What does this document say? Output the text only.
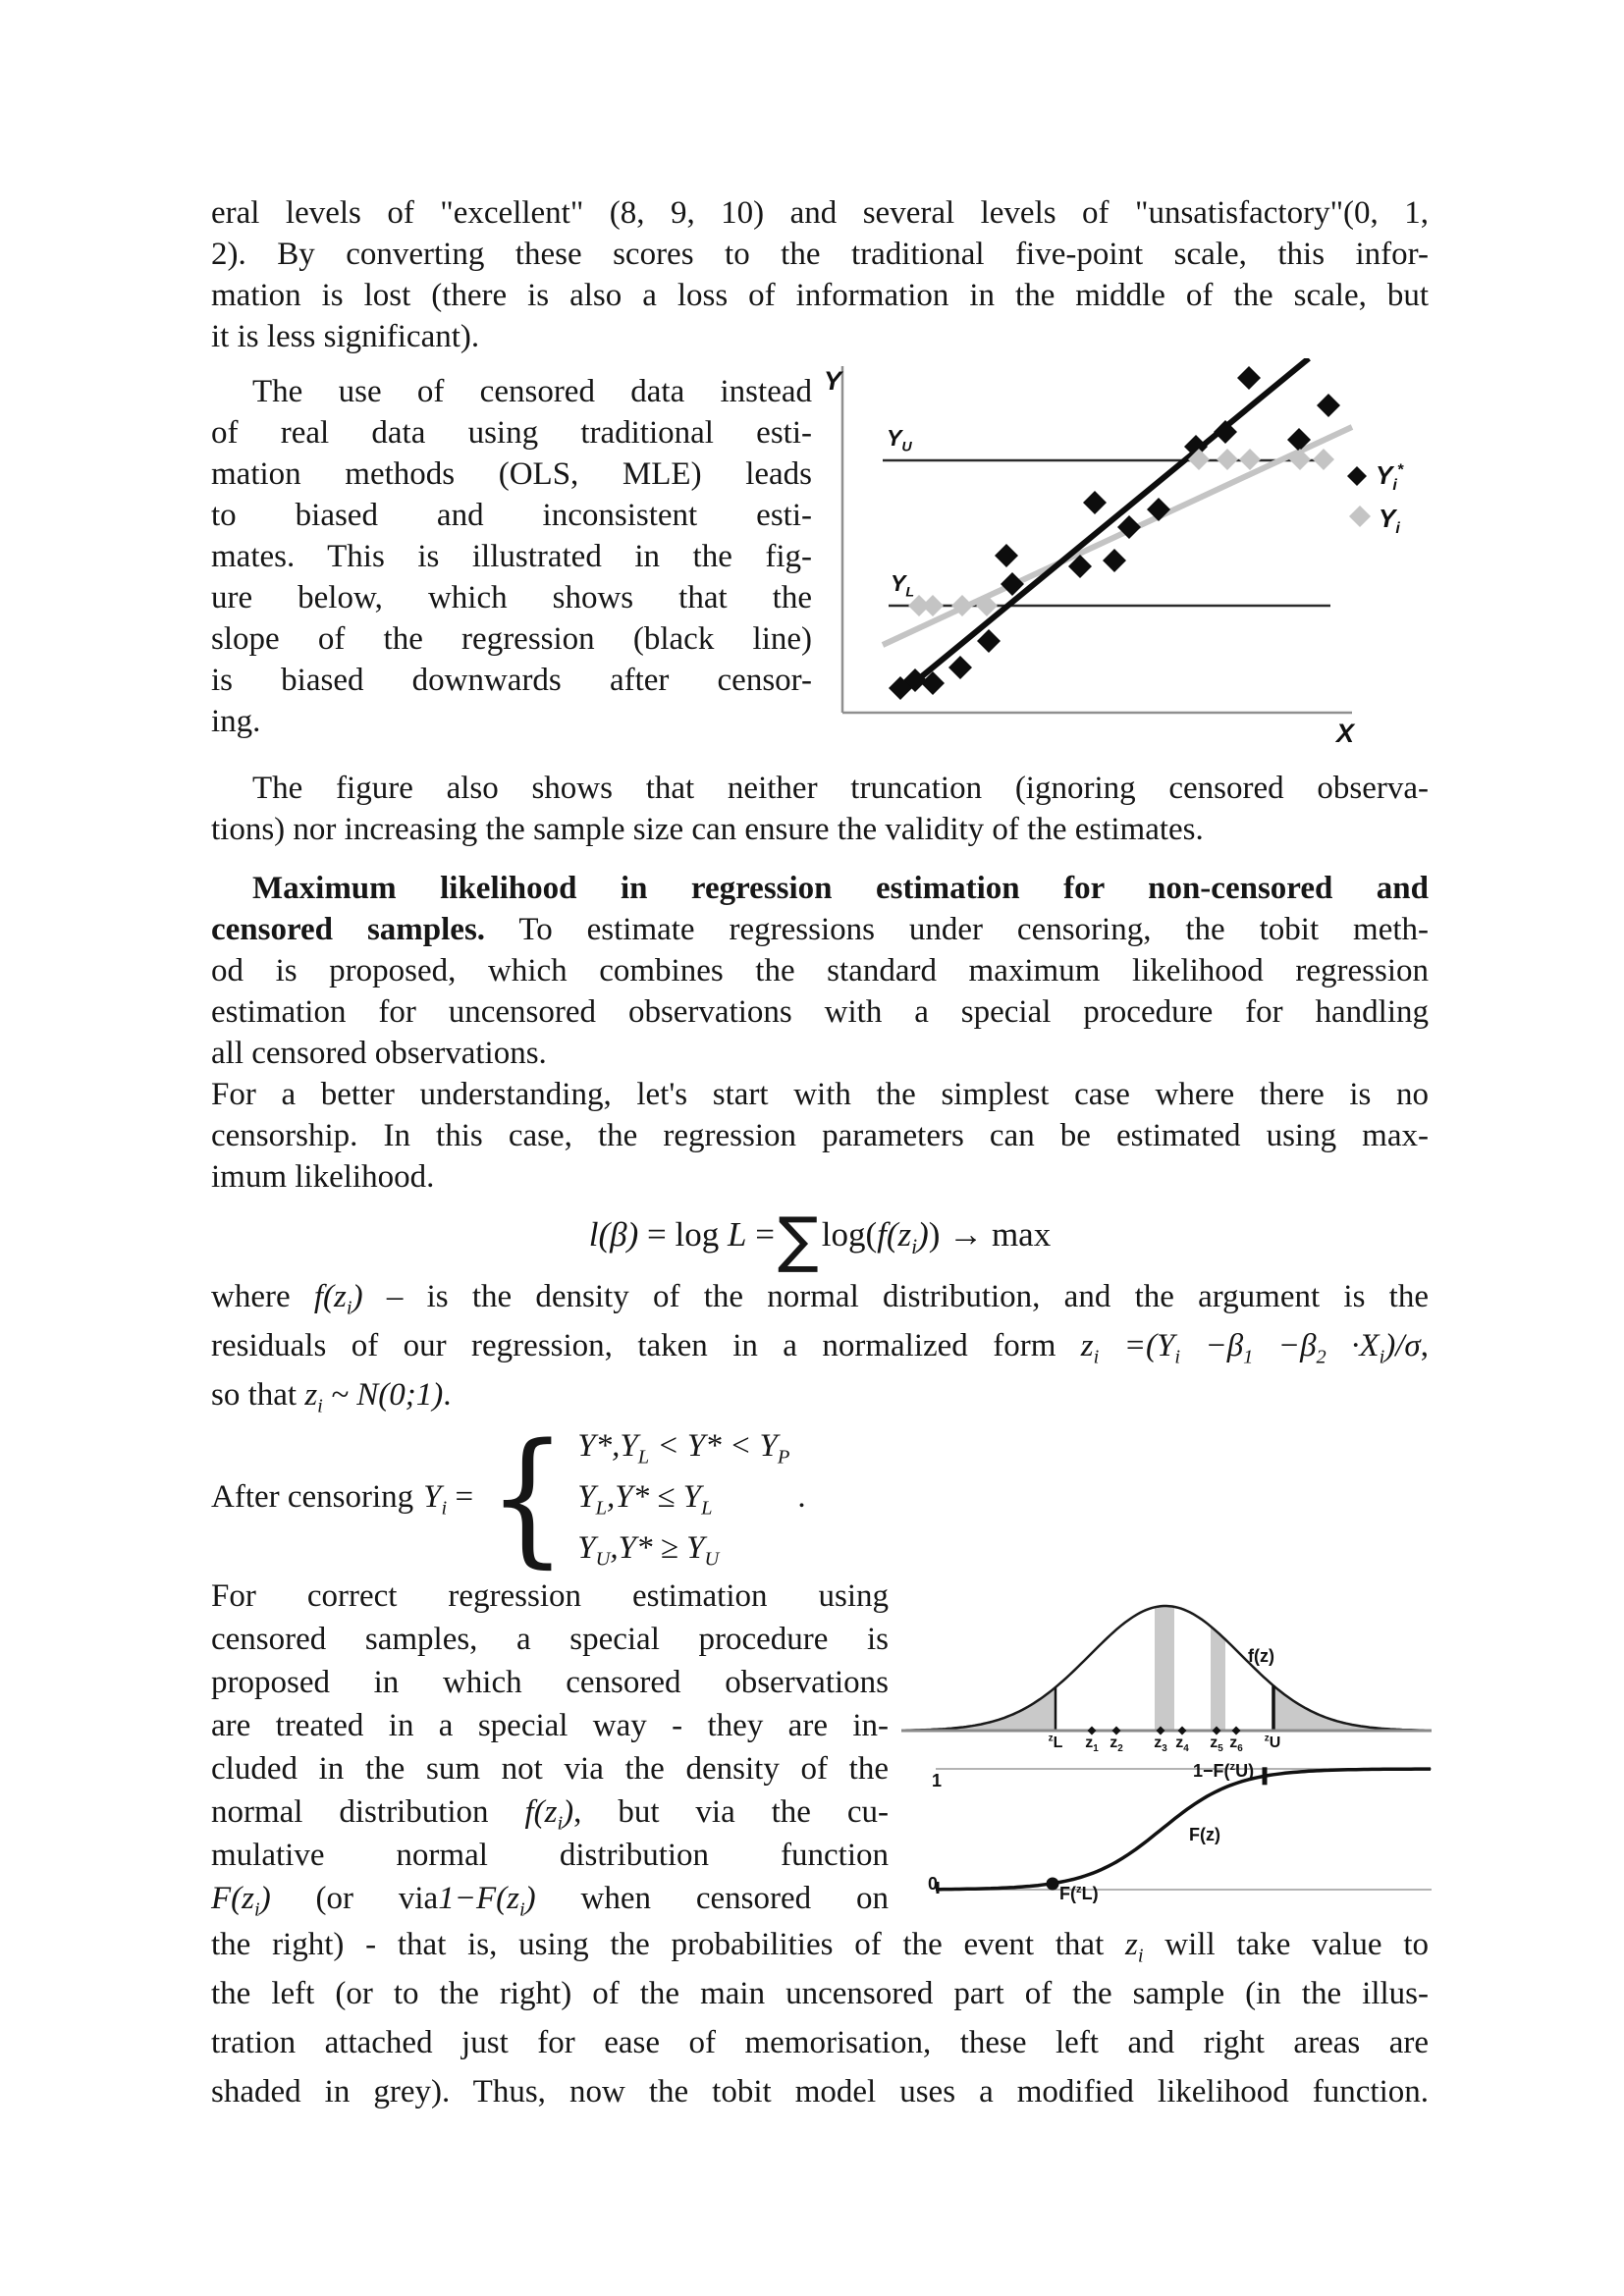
eral levels of "excellent" (8, 9, 10) and several levels of "unsatisfactory"(0, 1,
2). By converting these scores to the traditional five-point scale, this infor-
mation is lost (there is also a loss of information in the middle of the scale, but
it is less significant).
The use of censored data instead
of real data using traditional esti-
mation methods (OLS, MLE) leads
to biased and inconsistent esti-
mates. This is illustrated in the fig-
ure below, which shows that the
slope of the regression (black line)
is biased downwards after censor-
ing.
The figure also shows that neither truncation (ignoring censored observa-
tions) nor increasing the sample size can ensure the validity of the estimates.
Maximum likelihood in regression estimation for non-censored and
censored samples. To estimate regressions under censoring, the tobit meth-
od is proposed, which combines the standard maximum likelihood regression
estimation for uncensored observations with a special procedure for handling
all censored observations.
For a better understanding, let's start with the simplest case where there is no
censorship. In this case, the regression parameters can be estimated using max-
imum likelihood.
l(β) = log L = ∑ $\log(f(z_i)) \to \max$
where $f(z_i)$ – is the density of the normal distribution, and the argument is the
residuals of our regression, taken in a normalized form $z_i =(Y_i -\beta_1 -\beta_2 \cdot X_i)/\sigma$,
so that $z_i$ ~ N(0;1).
After censoring $Y_i$ = { $Y*,Y_L < Y* < Y_P$
$Y_L,Y* \le Y_L$
$Y_U,Y* \ge Y_U$
.
For correct regression estimation using
censored samples, a special procedure is
proposed in which censored observations
are treated in a special way - they are in-
cluded in the sum not via the density of the
normal distribution $f(z_i)$, but via the cu-
mulative normal distribution function
$F(z_i)$ (or $via1-F(z_i)$ when censored on
the right) - that is, using the probabilities of the event that $z_i$ will take value to
the left (or to the right) of the main uncensored part of the sample (in the illus-
tration attached just for ease of memorisation, these left and right areas are
shaded in grey). Thus, now the tobit model uses a modified likelihood function.
Y
X
$Y_U$
$Y_L$
$Y_i^*$
$Y_i$
f(z)
$^z$L $z_1$ $z_2$ $z_3$ $z_4$ $z_5$ $z_6$
$^z$U
1
0
F(z)
1−F($^z$U)
F($^z$L)
